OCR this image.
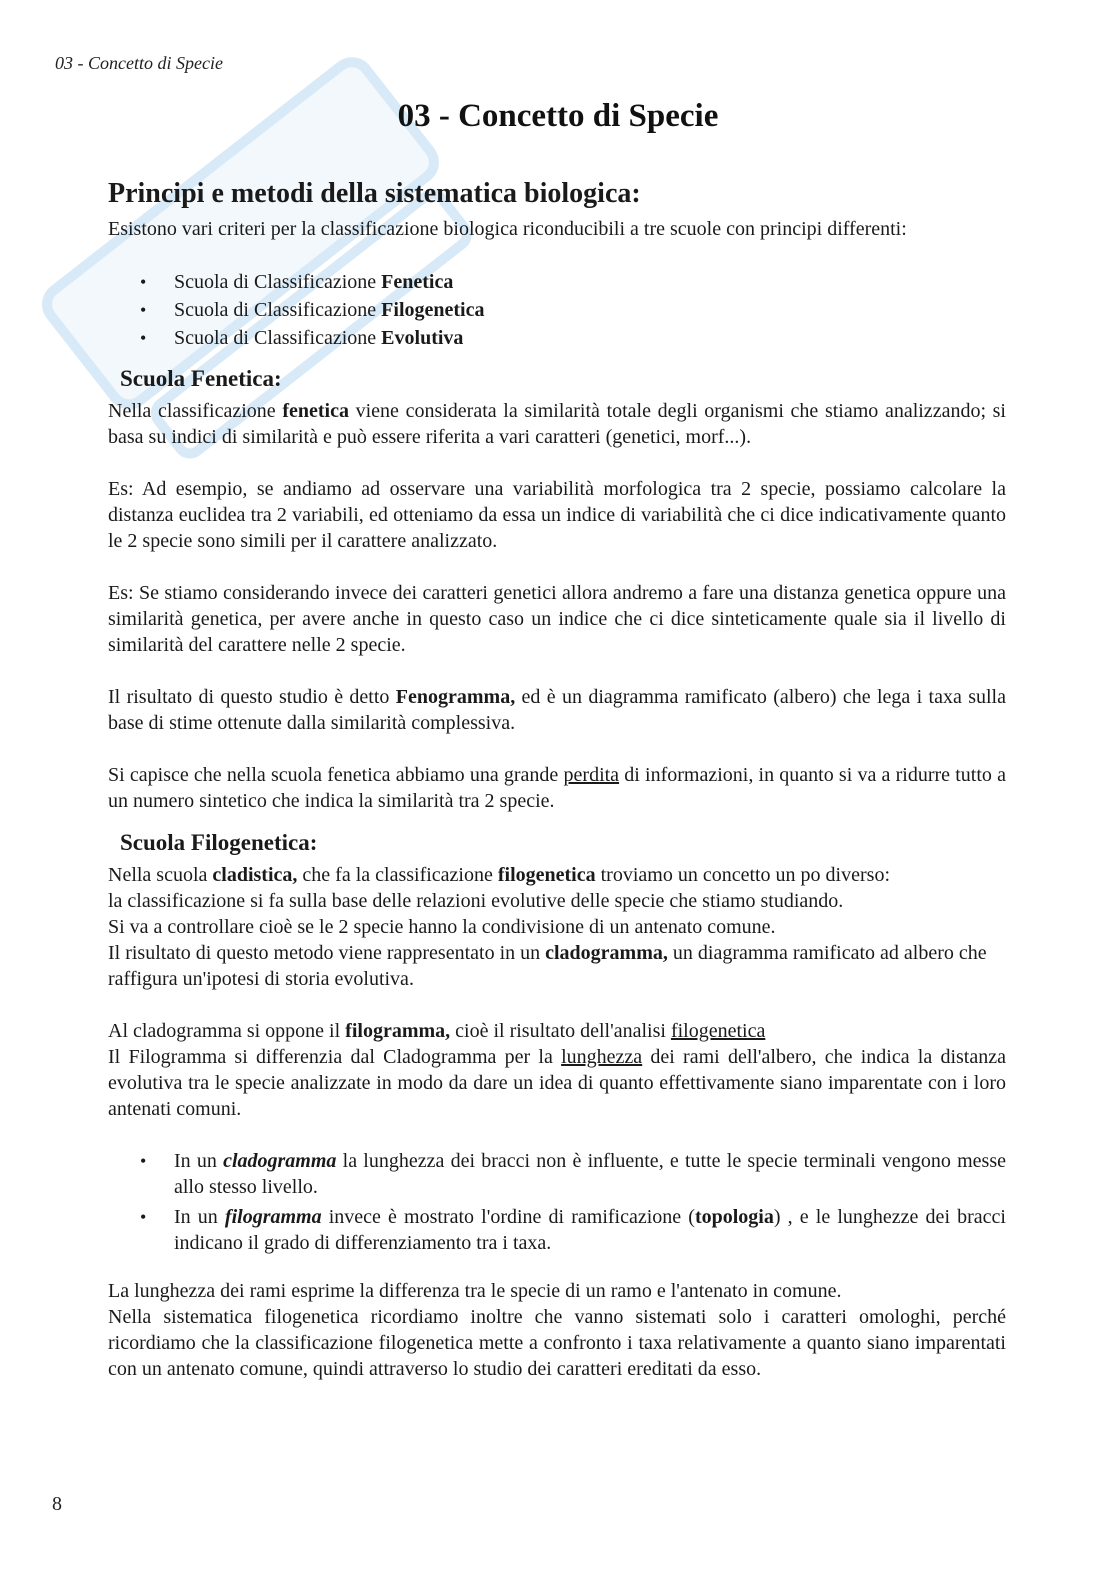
03 - Concetto di Specie
03 - Concetto di Specie
Principi e metodi della sistematica biologica:

Esistono vari criteri per la classificazione biologica riconducibili a tre scuole con principi differenti:

• Scuola di Classificazione Fenetica
• Scuola di Classificazione Filogenetica
• Scuola di Classificazione Evolutiva
Scuola Fenetica:

Nella classificazione fenetica viene considerata la similarità totale degli organismi che stiamo analizzando; si basa su indici di similarità e può essere riferita a vari caratteri (genetici, morf...).

Es: Ad esempio, se andiamo ad osservare una variabilità morfologica tra 2 specie, possiamo calcolare la distanza euclidea tra 2 variabili, ed otteniamo da essa un indice di variabilità che ci dice indicativamente quanto le 2 specie sono simili per il carattere analizzato.

Es: Se stiamo considerando invece dei caratteri genetici allora andremo a fare una distanza genetica oppure una similarità genetica, per avere anche in questo caso un indice che ci dice sinteticamente quale sia il livello di similarità del carattere nelle 2 specie.

Il risultato di questo studio è detto Fenogramma, ed è un diagramma ramificato (albero) che lega i taxa sulla base di stime ottenute dalla similarità complessiva.

Si capisce che nella scuola fenetica abbiamo una grande perdita di informazioni, in quanto si va a ridurre tutto a un numero sintetico che indica la similarità tra 2 specie.

Scuola Filogenetica:

Nella scuola cladistica, che fa la classificazione filogenetica troviamo un concetto un po diverso:

la classificazione si fa sulla base delle relazioni evolutive delle specie che stiamo studiando.

Si va a controllare cioè se le 2 specie hanno la condivisione di un antenato comune.

Il risultato di questo metodo viene rappresentato in un cladogramma, un diagramma ramificato ad albero che raffigura un'ipotesi di storia evolutiva.

Al cladogramma si oppone il filogramma, cioè il risultato dell'analisi filogenetica

Il Filogramma si differenzia dal Cladogramma per la lunghezza dei rami dell'albero, che indica la distanza evolutiva tra le specie analizzate in modo da dare un idea di quanto effettivamente siano imparentate con i loro antenati comuni.

• In un cladogramma la lunghezza dei bracci non è influente, e tutte le specie terminali vengono messe allo stesso livello.
• In un filogramma invece è mostrato l'ordine di ramificazione (topologia) , e le lunghezze dei bracci indicano il grado di differenziamento tra i taxa.

La lunghezza dei rami esprime la differenza tra le specie di un ramo e l'antenato in comune.

Nella sistematica filogenetica ricordiamo inoltre che vanno sistemati solo i caratteri omologhi, perché ricordiamo che la classificazione filogenetica mette a confronto i taxa relativamente a quanto siano imparentati con un antenato comune, quindi attraverso lo studio dei caratteri ereditati da esso.

8
